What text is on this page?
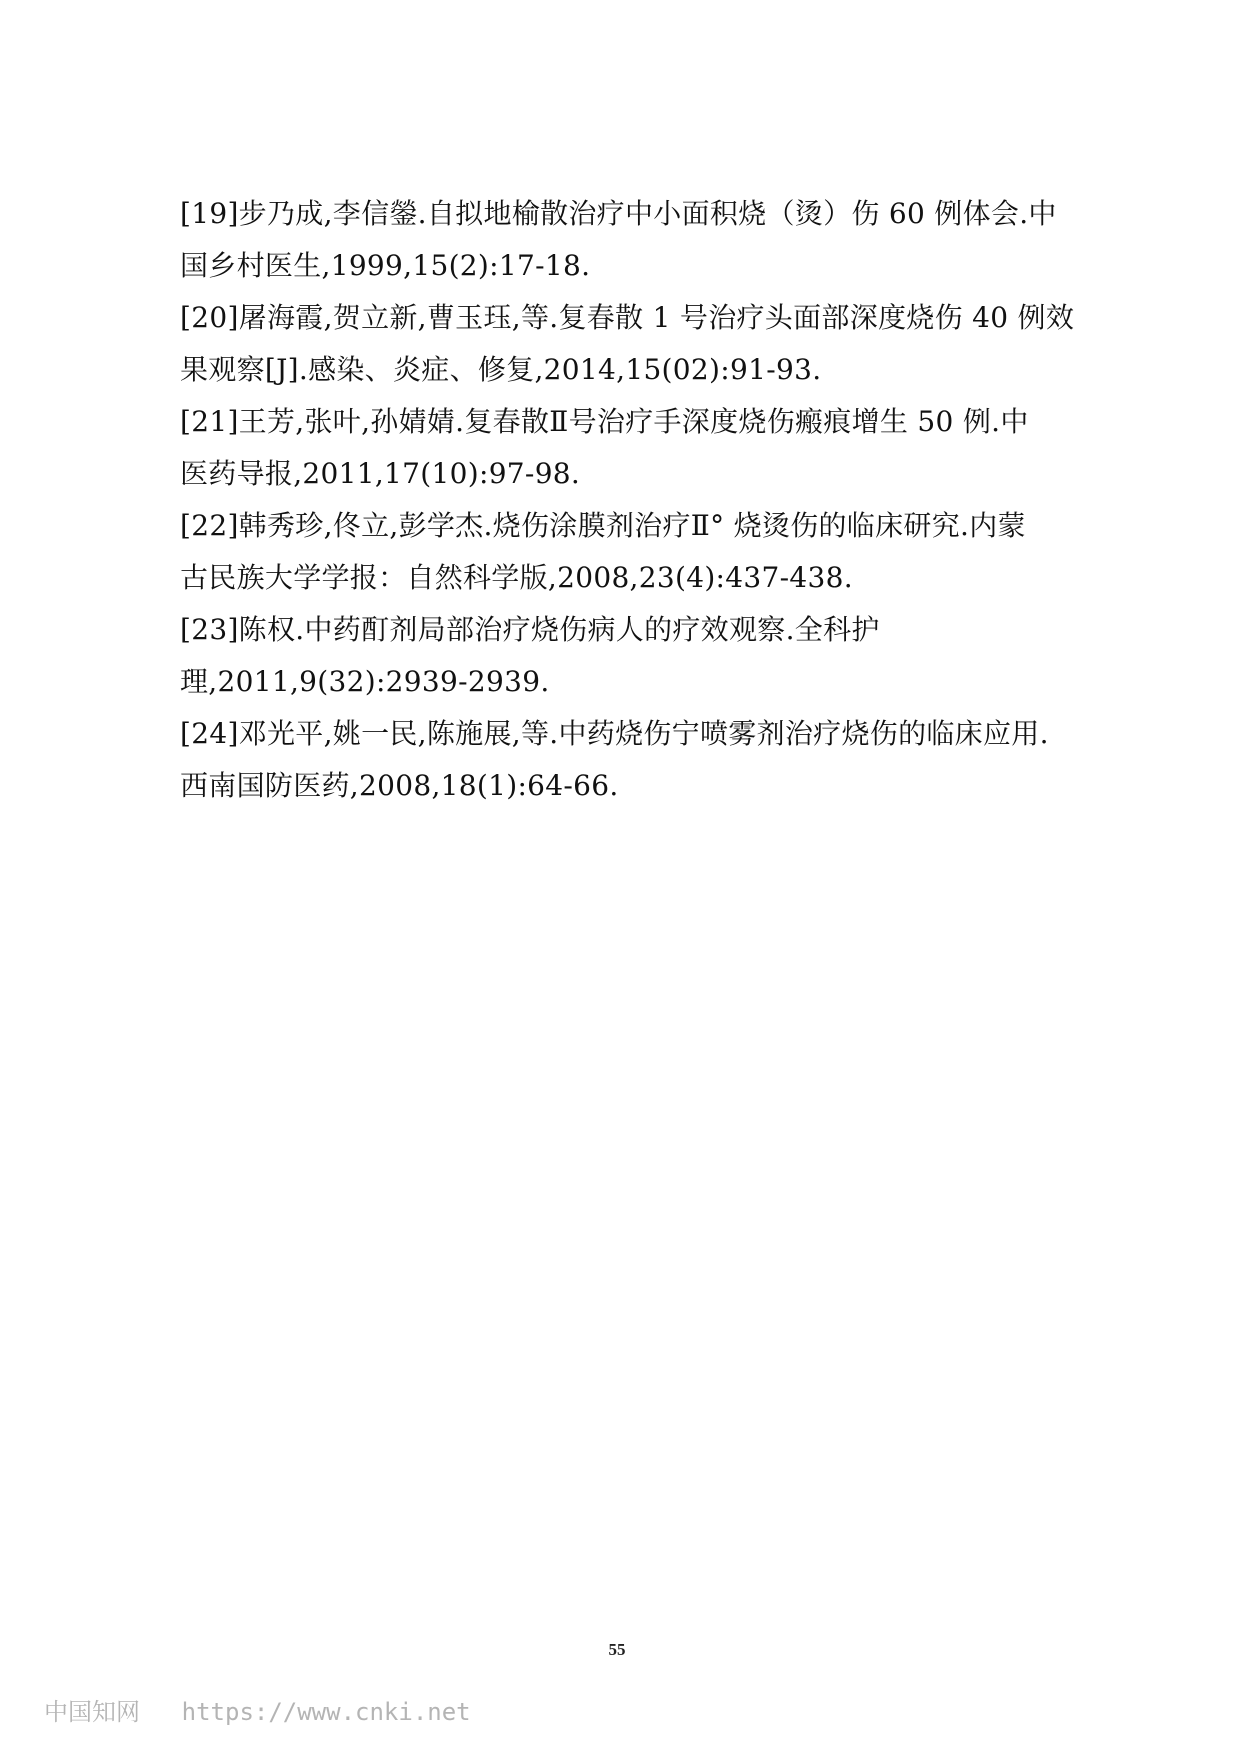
[19]步乃成,李信鎣.自拟地榆散治疗中小面积烧（烫）伤 60 例体会.中
国乡村医生,1999,15(2):17-18.
[20]屠海霞,贺立新,曹玉珏,等.复春散 1 号治疗头面部深度烧伤 40 例效
果观察[J].感染、炎症、修复,2014,15(02):91-93.
[21]王芳,张叶,孙婧婧.复春散Ⅱ号治疗手深度烧伤瘢痕增生 50 例.中
医药导报,2011,17(10):97-98.
[22]韩秀珍,佟立,彭学杰.烧伤涂膜剂治疗Ⅱ° 烧烫伤的临床研究.内蒙
古民族大学学报：自然科学版,2008,23(4):437-438.
[23]陈权.中药酊剂局部治疗烧伤病人的疗效观察.全科护
理,2011,9(32):2939-2939.
[24]邓光平,姚一民,陈施展,等.中药烧伤宁喷雾剂治疗烧伤的临床应用.
西南国防医药,2008,18(1):64-66.
55
中国知网 https://www.cnki.net
